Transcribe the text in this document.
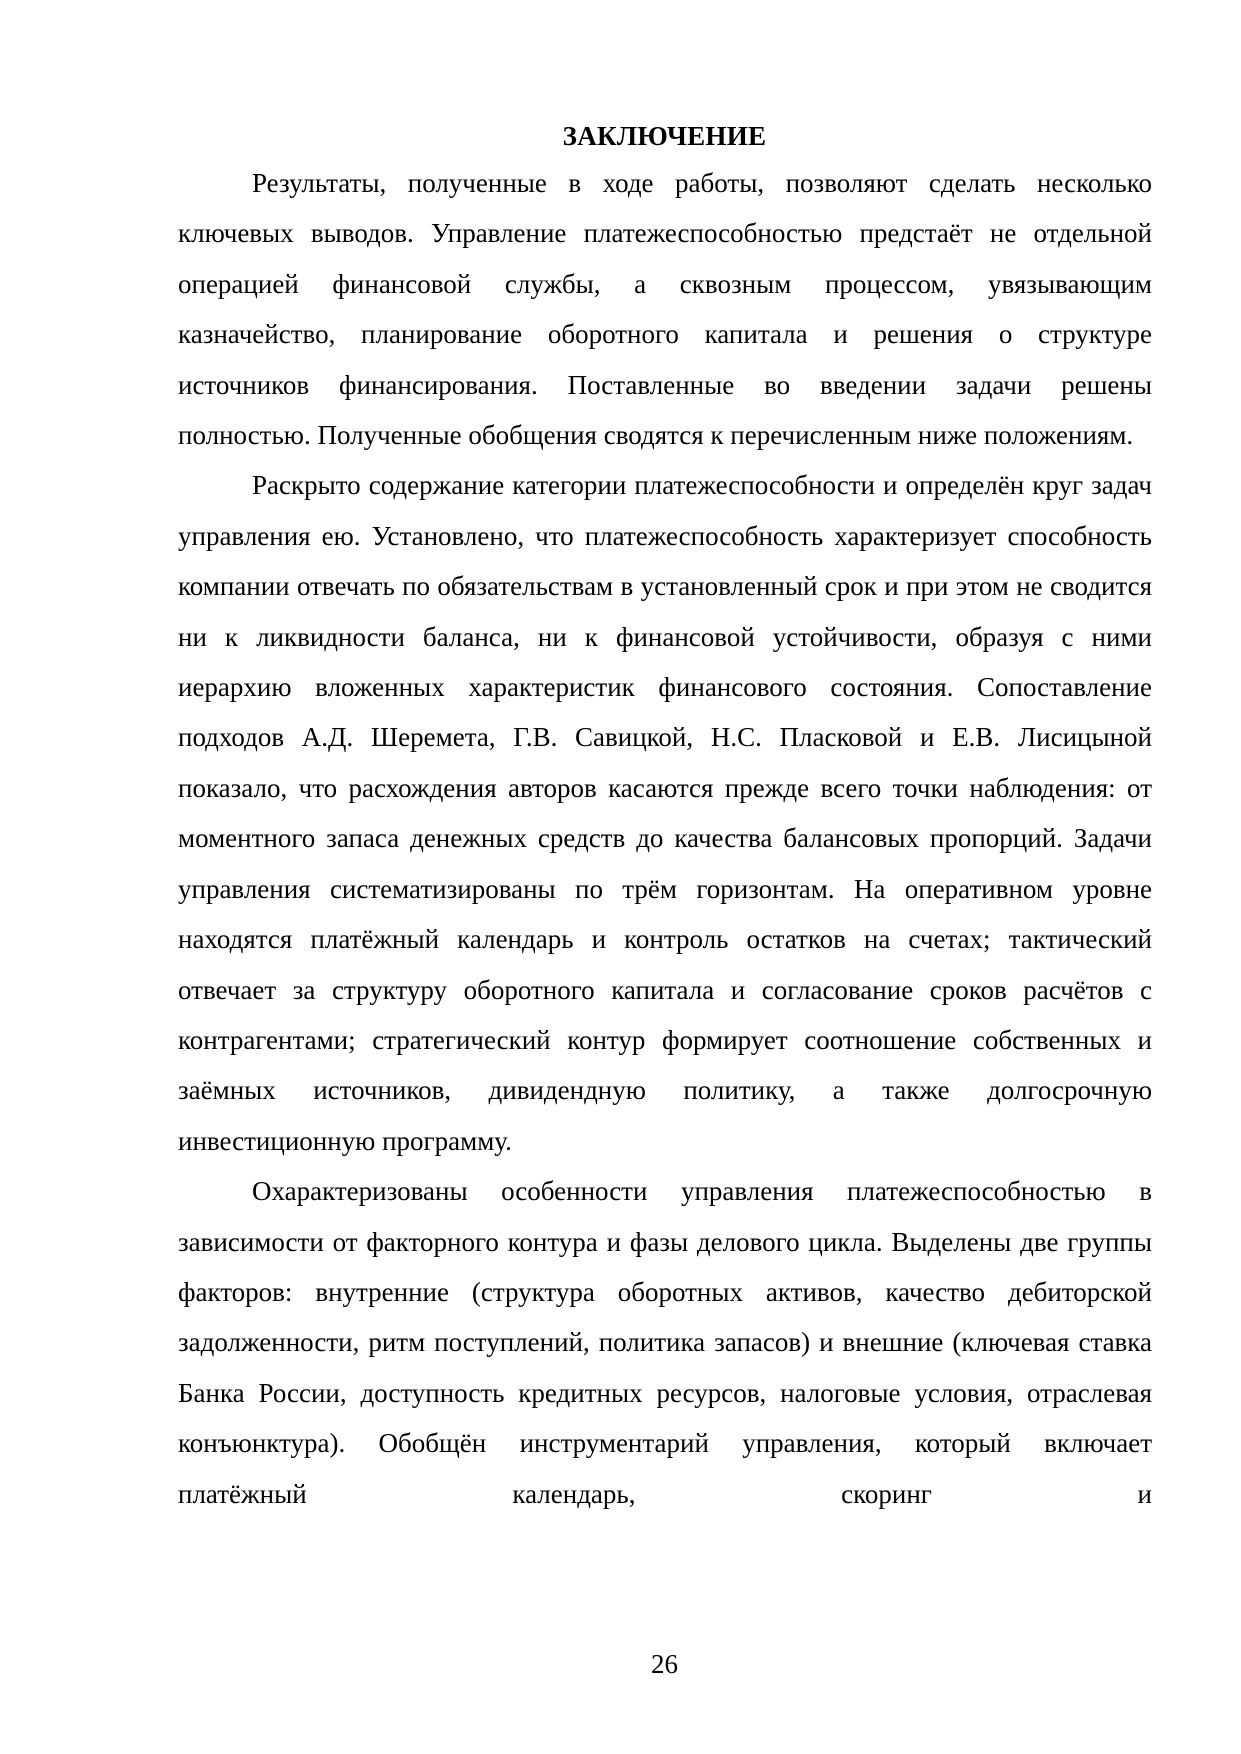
ЗАКЛЮЧЕНИЕ

Результаты, полученные в ходе работы, позволяют сделать несколько ключевых выводов. Управление платежеспособностью предстаёт не отдельной операцией финансовой службы, а сквозным процессом, увязывающим казначейство, планирование оборотного капитала и решения о структуре источников финансирования. Поставленные во введении задачи решены полностью. Полученные обобщения сводятся к перечисленным ниже положениям.

Раскрыто содержание категории платежеспособности и определён круг задач управления ею. Установлено, что платежеспособность характеризует способность компании отвечать по обязательствам в установленный срок и при этом не сводится ни к ликвидности баланса, ни к финансовой устойчивости, образуя с ними иерархию вложенных характеристик финансового состояния. Сопоставление подходов А.Д. Шеремета, Г.В. Савицкой, Н.С. Пласковой и Е.В. Лисицыной показало, что расхождения авторов касаются прежде всего точки наблюдения: от моментного запаса денежных средств до качества балансовых пропорций. Задачи управления систематизированы по трём горизонтам. На оперативном уровне находятся платёжный календарь и контроль остатков на счетах; тактический отвечает за структуру оборотного капитала и согласование сроков расчётов с контрагентами; стратегический контур формирует соотношение собственных и заёмных источников, дивидендную политику, а также долгосрочную инвестиционную программу.

Охарактеризованы особенности управления платежеспособностью в зависимости от факторного контура и фазы делового цикла. Выделены две группы факторов: внутренние (структура оборотных активов, качество дебиторской задолженности, ритм поступлений, политика запасов) и внешние (ключевая ставка Банка России, доступность кредитных ресурсов, налоговые условия, отраслевая конъюнктура). Обобщён инструментарий управления, который включает платёжный календарь, скоринг и

26
